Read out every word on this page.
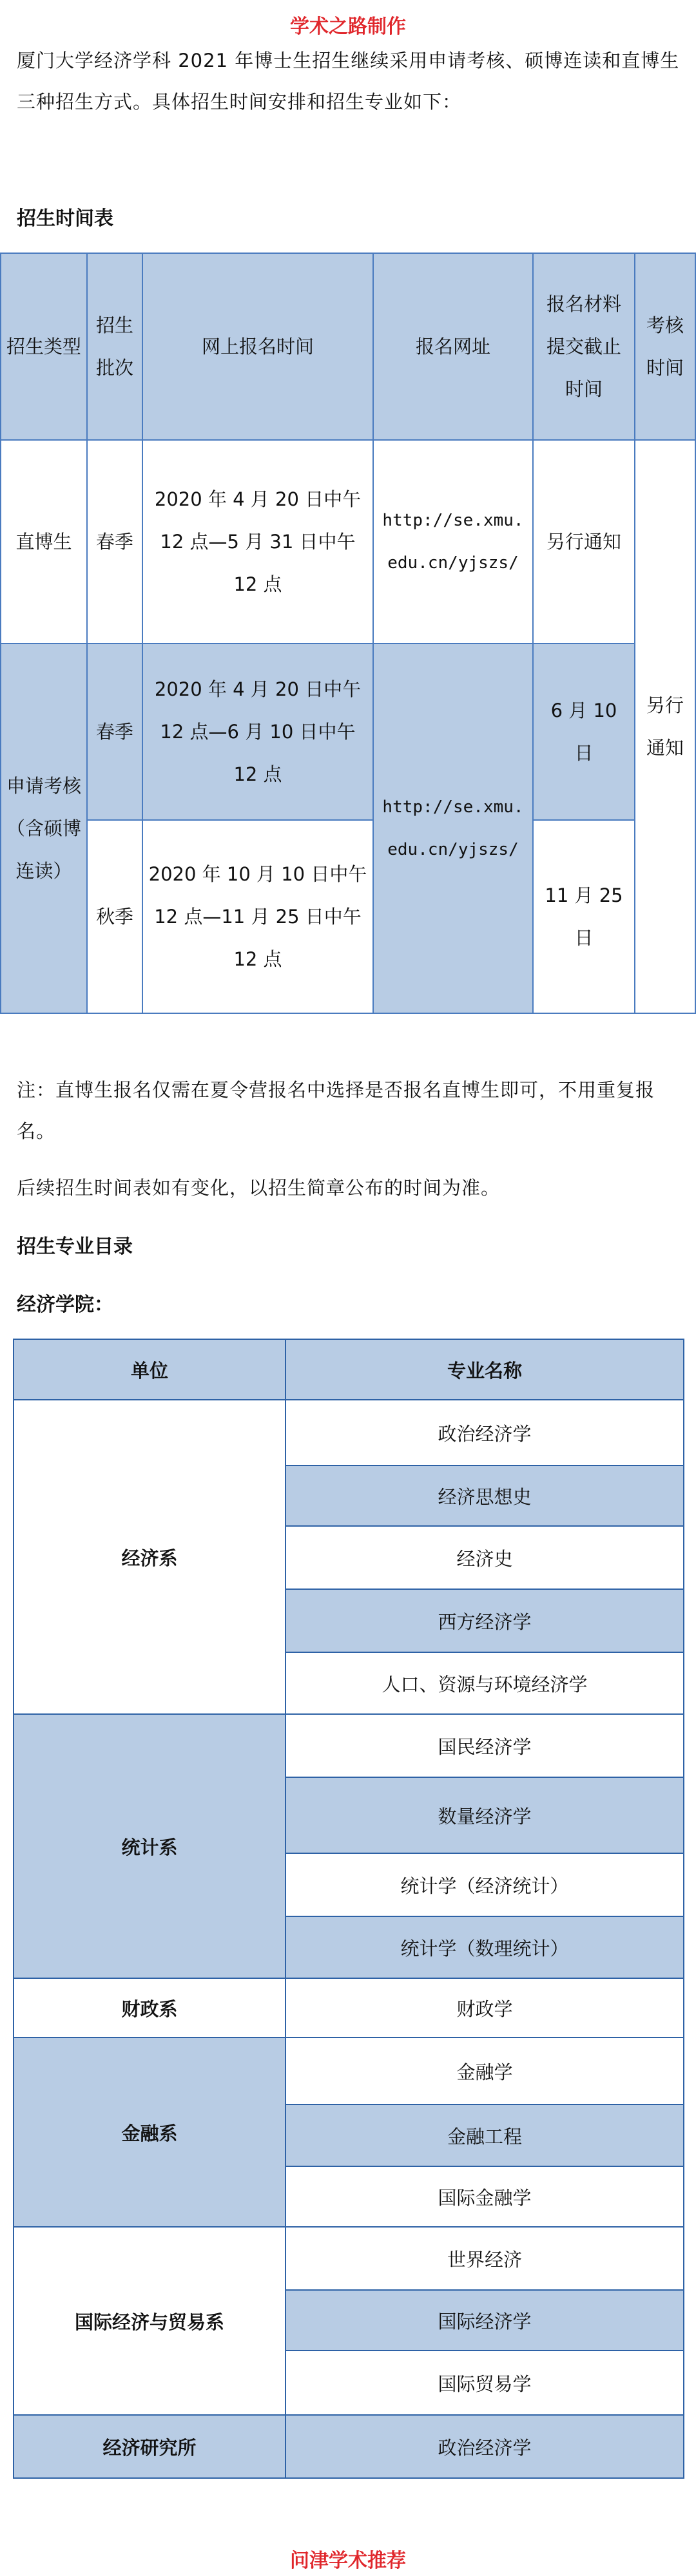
学术之路制作
厦门大学经济学科 2021 年博士生招生继续采用申请考核、硕博连读和直博生三种招生方式。具体招生时间安排和招生专业如下：
招生时间表
招生类型	招生批次	网上报名时间	报名网址	报名材料提交截止时间	考核时间
直博生	春季	2020 年 4 月 20 日中午 12 点—5 月 31 日中午 12 点	http://se.xmu.edu.cn/yjszs/	另行通知	另行通知
申请考核（含硕博连读）	春季	2020 年 4 月 20 日中午 12 点—6 月 10 日中午 12 点	http://se.xmu.edu.cn/yjszs/	6 月 10 日	
	秋季	2020 年 10 月 10 日中午 12 点—11 月 25 日中午 12 点		11 月 25 日	
注：直博生报名仅需在夏令营报名中选择是否报名直博生即可，不用重复报名。
后续招生时间表如有变化，以招生简章公布的时间为准。
招生专业目录
经济学院：
单位	专业名称
经济系	政治经济学
	经济思想史
	经济史
	西方经济学
	人口、资源与环境经济学
统计系	国民经济学
	数量经济学
	统计学（经济统计）
	统计学（数理统计）
财政系	财政学
金融系	金融学
	金融工程
	国际金融学
国际经济与贸易系	世界经济
	国际经济学
	国际贸易学
经济研究所	政治经济学
问津学术推荐
